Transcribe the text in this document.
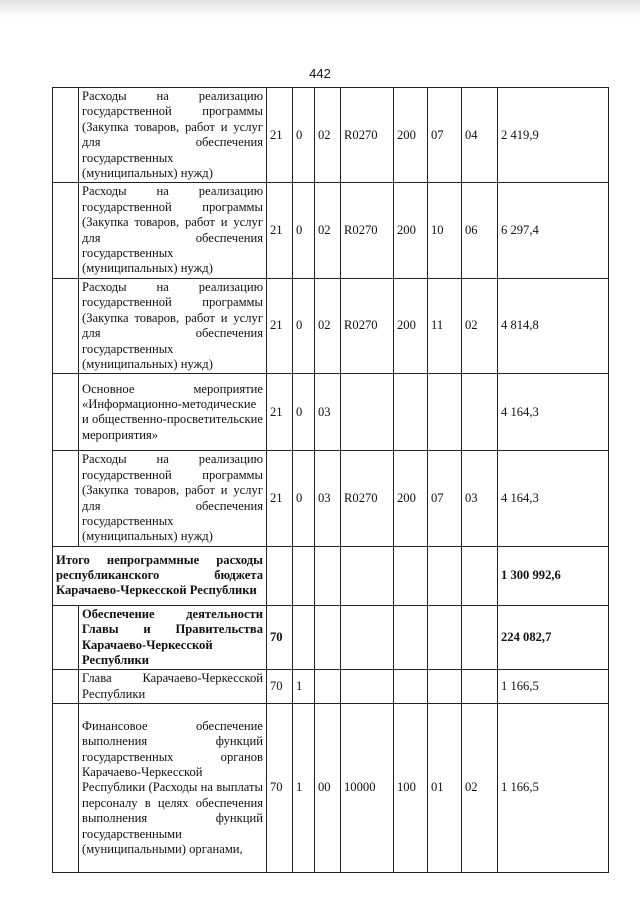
442
	Расходы на реализацию государственной программы (Закупка товаров, работ и услуг для обеспечения государственных (муниципальных) нужд)	21	0	02	R0270	200	07	04	2 419,9
	Расходы на реализацию государственной программы (Закупка товаров, работ и услуг для обеспечения государственных (муниципальных) нужд)	21	0	02	R0270	200	10	06	6 297,4
	Расходы на реализацию государственной программы (Закупка товаров, работ и услуг для обеспечения государственных (муниципальных) нужд)	21	0	02	R0270	200	11	02	4 814,8
	Основное мероприятие «Информационно-методические и общественно-просветительские мероприятия»	21	0	03					4 164,3
	Расходы на реализацию государственной программы (Закупка товаров, работ и услуг для обеспечения государственных (муниципальных) нужд)	21	0	03	R0270	200	07	03	4 164,3
Итого непрограммные расходы республиканского бюджета Карачаево-Черкесской Республики									1 300 992,6
	Обеспечение деятельности Главы и Правительства Карачаево-Черкесской Республики	70							224 082,7
	Глава Карачаево-Черкесской Республики	70	1						1 166,5
	Финансовое обеспечение выполнения функций государственных органов Карачаево-Черкесской Республики (Расходы на выплаты персоналу в целях обеспечения выполнения функций государственными (муниципальными) органами,	70	1	00	10000	100	01	02	1 166,5
